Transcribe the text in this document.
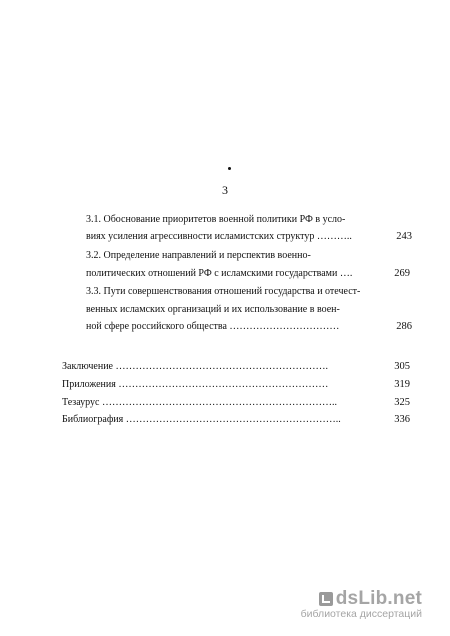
3
3.1. Обоснование приоритетов военной политики РФ в усло-
виях усиления агрессивности исламистских структур ………..	243
3.2. Определение направлений и перспектив военно-
политических отношений РФ с исламскими государствами ….	269
3.3. Пути совершенствования отношений государства и отечест-
венных исламских организаций и их использование в воен-
ной сфере российского общества ……………………………	286
Заключение ……………………………………………………….	305
Приложения ………………………………………………………	319
Тезаурус ……………………………………………………………..	325
Библиография ………………………………………………………..	336
dsLib.net
библиотека диссертаций
